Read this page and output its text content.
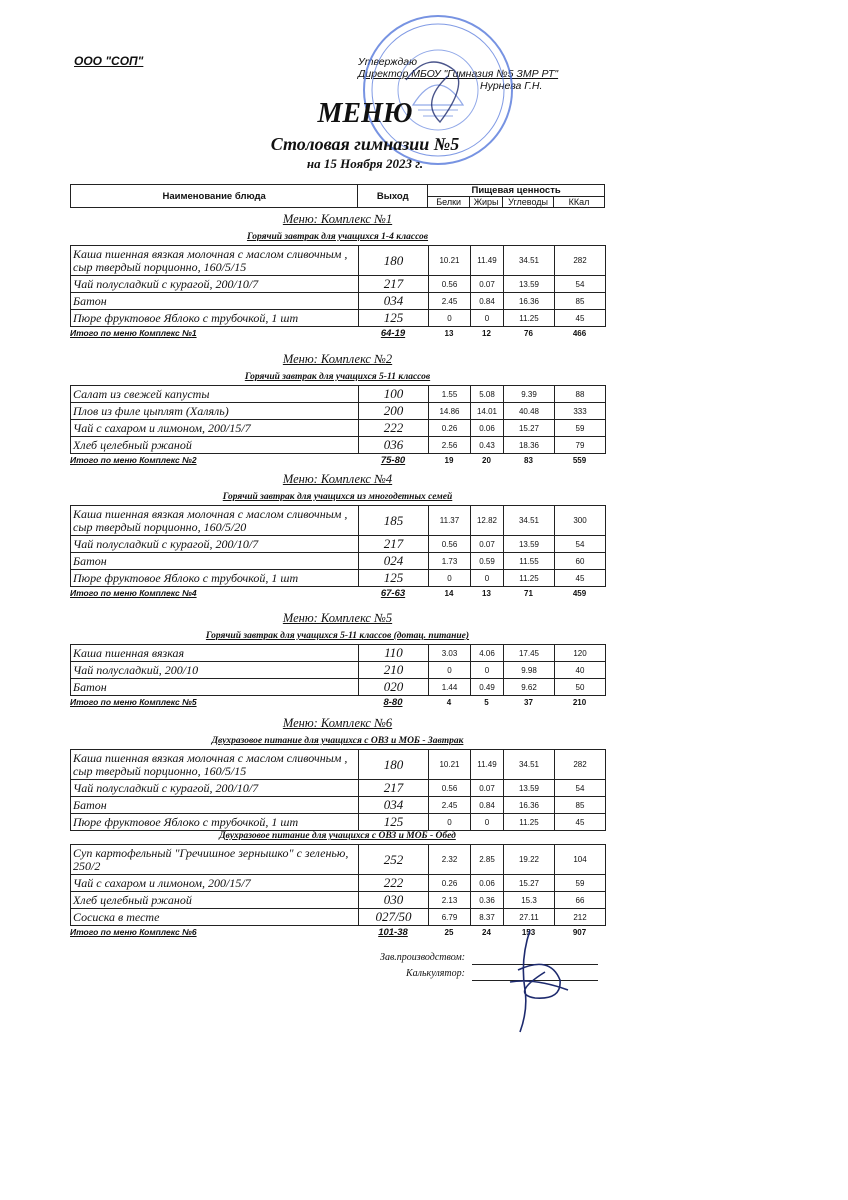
ООО "СОП"	Утверждаю
Директор МБОУ "Гимназия №5 ЗМР РТ"
Нурнева Г.Н.
МЕНЮ
Столовая гимназии №5
на 15 Ноября 2023 г.
Наименование блюда	Выход	Пищевая ценность			
		Белки	Жиры	Углеводы	ККал
Меню: Комплекс №1
Горячий завтрак для учащихся 1-4 классов
Каша пшенная вязкая молочная с маслом сливочным , сыр твердый порционно, 160/5/15	180	10.21	11.49	34.51	282
Чай полусладкий с курагой, 200/10/7	217	0.56	0.07	13.59	54
Батон	034	2.45	0.84	16.36	85
Пюре фруктовое Яблоко с трубочкой, 1 шт	125	0	0	11.25	45
Итого по меню Комплекс №1	64-19	13	12	76	466
Меню: Комплекс №2
Горячий завтрак для учащихся 5-11 классов
Салат из свежей капусты	100	1.55	5.08	9.39	88
Плов из филе цыплят (Халяль)	200	14.86	14.01	40.48	333
Чай с сахаром и лимоном, 200/15/7	222	0.26	0.06	15.27	59
Хлеб целебный ржаной	036	2.56	0.43	18.36	79
Итого по меню Комплекс №2	75-80	19	20	83	559
Меню: Комплекс №4
Горячий завтрак для учащихся из многодетных семей
Каша пшенная вязкая молочная с маслом сливочным , сыр твердый порционно, 160/5/20	185	11.37	12.82	34.51	300
Чай полусладкий с курагой, 200/10/7	217	0.56	0.07	13.59	54
Батон	024	1.73	0.59	11.55	60
Пюре фруктовое Яблоко с трубочкой, 1 шт	125	0	0	11.25	45
Итого по меню Комплекс №4	67-63	14	13	71	459
Меню: Комплекс №5
Горячий завтрак для учащихся 5-11 классов (дотац. питание)
Каша пшенная вязкая	110	3.03	4.06	17.45	120
Чай полусладкий, 200/10	210	0	0	9.98	40
Батон	020	1.44	0.49	9.62	50
Итого по меню Комплекс №5	8-80	4	5	37	210
Меню: Комплекс №6
Двухразовое питание для учащихся с ОВЗ и МОБ - Завтрак
Каша пшенная вязкая молочная с маслом сливочным , сыр твердый порционно, 160/5/15	180	10.21	11.49	34.51	282
Чай полусладкий с курагой, 200/10/7	217	0.56	0.07	13.59	54
Батон	034	2.45	0.84	16.36	85
Пюре фруктовое Яблоко с трубочкой, 1 шт	125	0	0	11.25	45
Двухразовое питание для учащихся с ОВЗ и МОБ - Обед
Суп картофельный "Гречишное зернышко" с зеленью, 250/2	252	2.32	2.85	19.22	104
Чай с сахаром и лимоном, 200/15/7	222	0.26	0.06	15.27	59
Хлеб целебный ржаной	030	2.13	0.36	15.3	66
Сосиска в тесте	027/50	6.79	8.37	27.11	212
Итого по меню Комплекс №6	101-38	25	24	153	907
Зав.производством:
Калькулятор:
